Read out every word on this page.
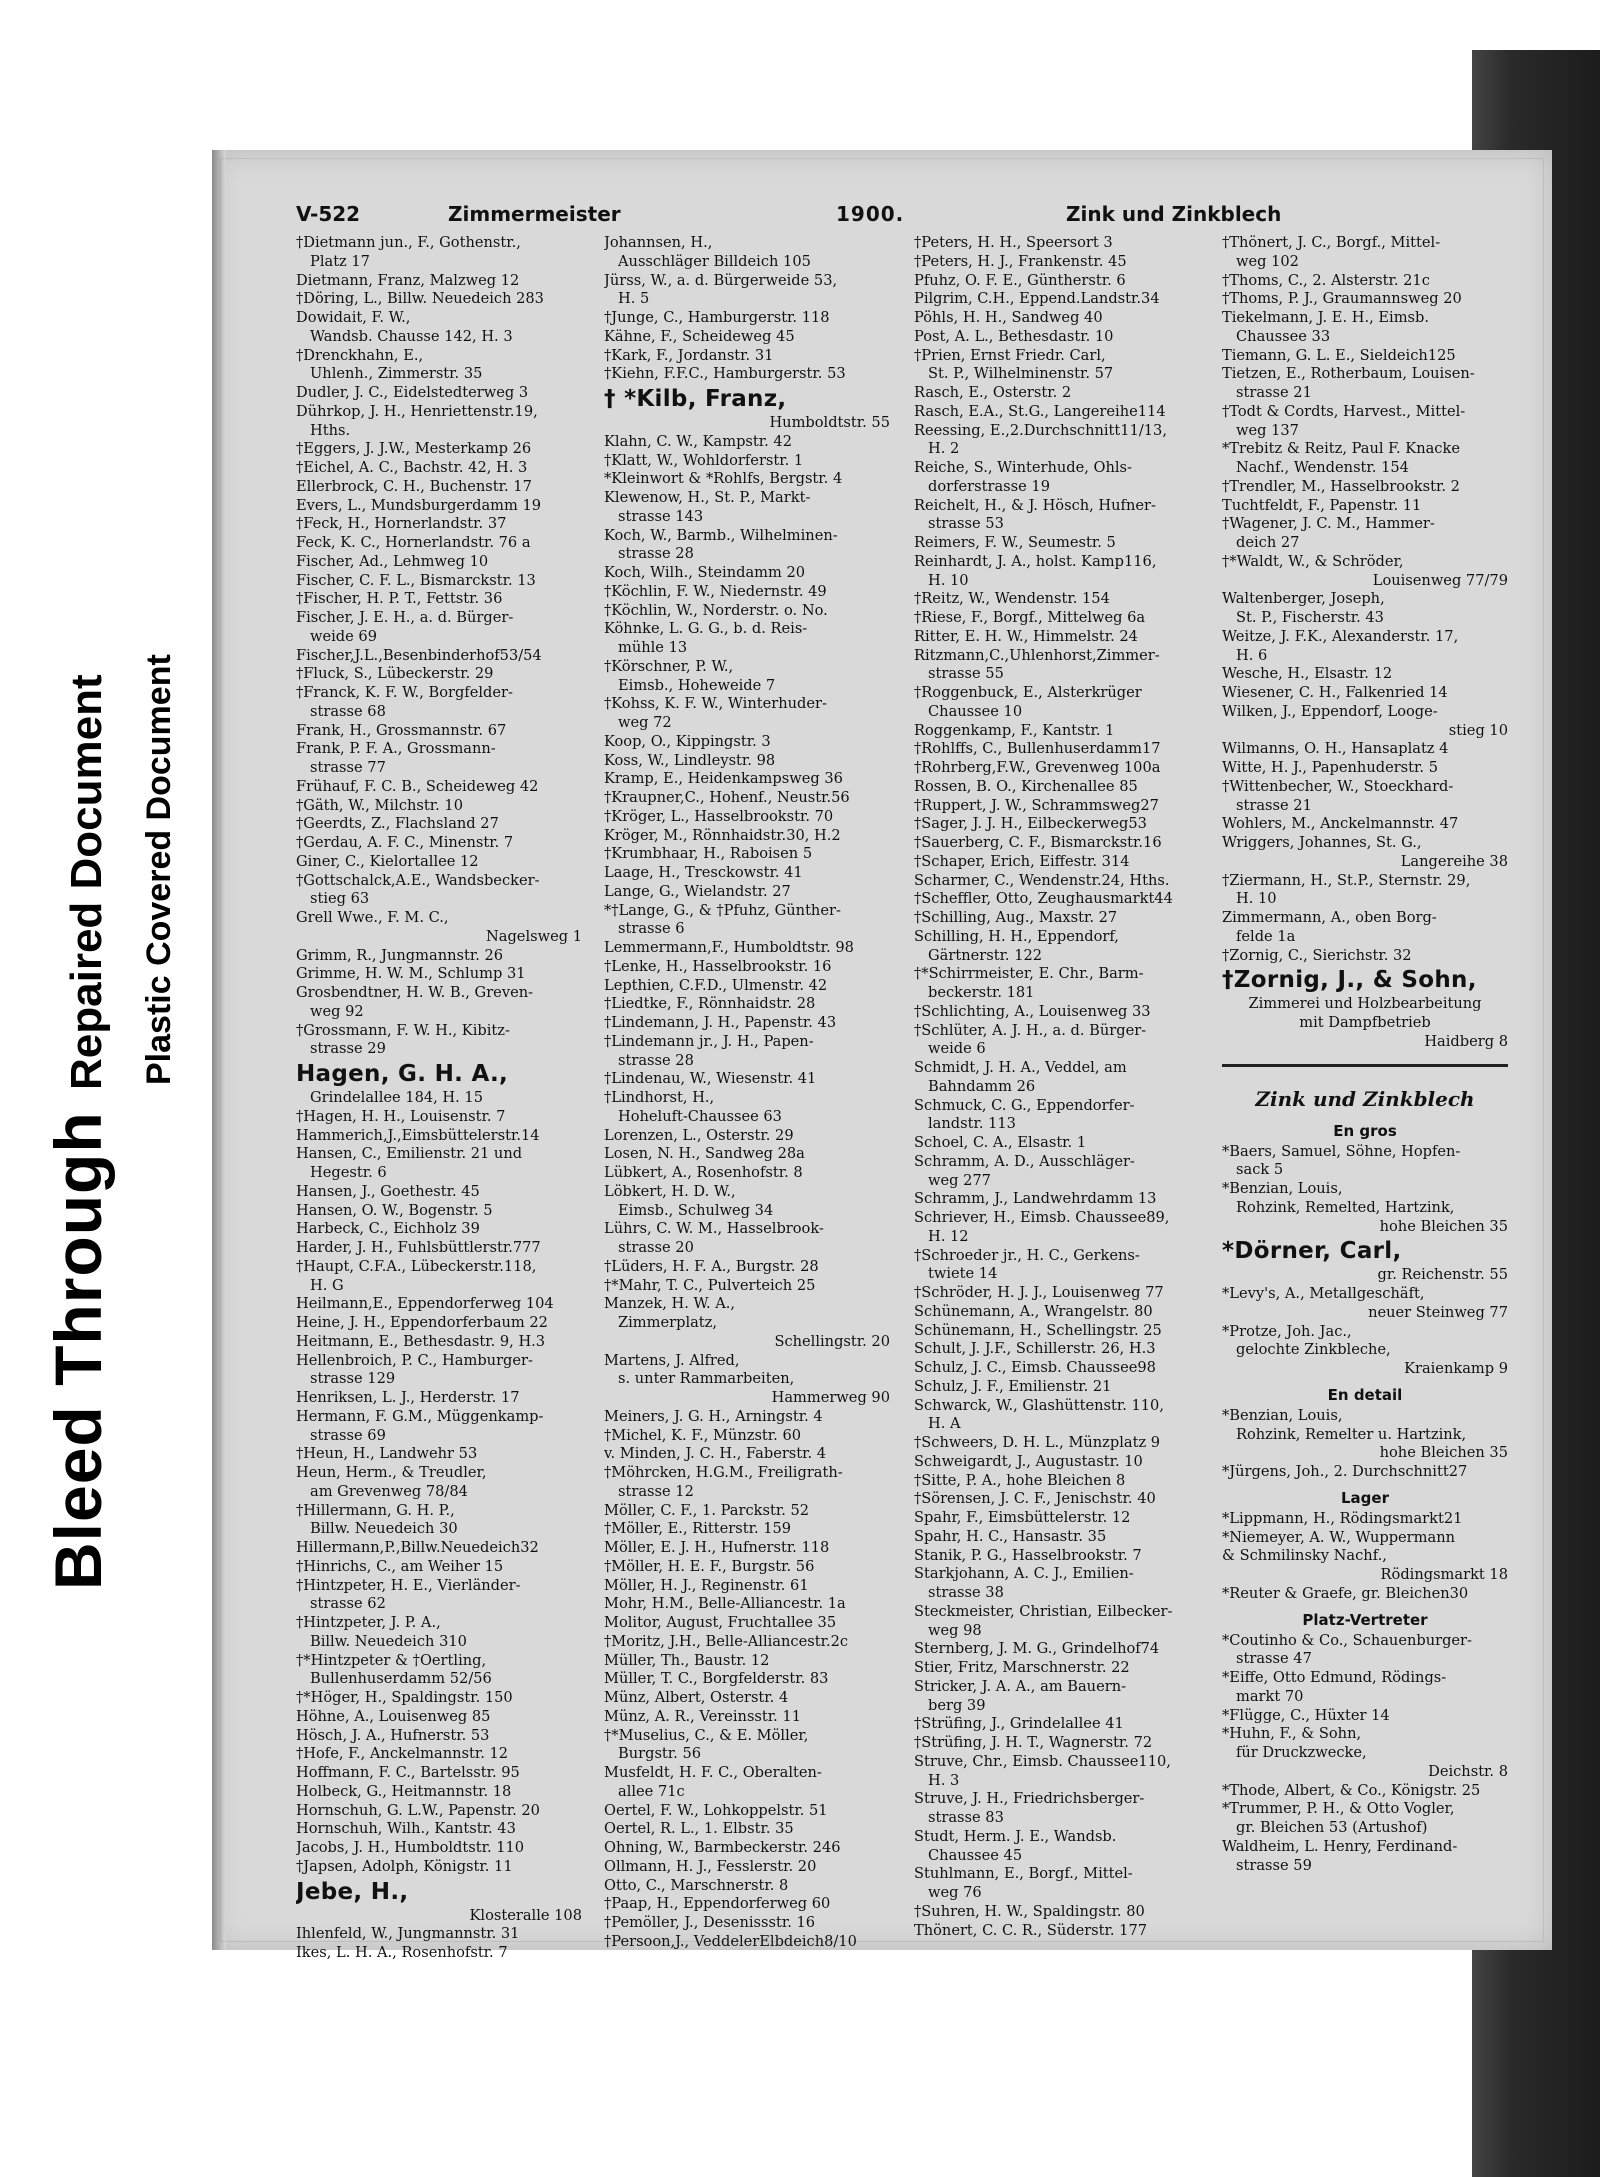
Bleed Through
Repaired Document Plastic Covered Document
V-522	Zimmermeister	1900.	Zink und Zinkblech
†Dietmann jun., F., Gothenstr.,
Platz 17
Dietmann, Franz, Malzweg 12
†Döring, L., Billw. Neuedeich 283
Dowidait, F. W.,
Wandsb. Chausse 142, H. 3
†Drenckhahn, E.,
Uhlenh., Zimmerstr. 35
Dudler, J. C., Eidelstedterweg 3
Dührkop, J. H., Henriettenstr.19,
Hths.
†Eggers, J. J.W., Mesterkamp 26
†Eichel, A. C., Bachstr. 42, H. 3
Ellerbrock, C. H., Buchenstr. 17
Evers, L., Mundsburgerdamm 19
†Feck, H., Hornerlandstr. 37
Feck, K. C., Hornerlandstr. 76 a
Fischer, Ad., Lehmweg 10
Fischer, C. F. L., Bismarckstr. 13
†Fischer, H. P. T., Fettstr. 36
Fischer, J. E. H., a. d. Bürger-
weide 69
Fischer,J.L.,Besenbinderhof53/54
†Fluck, S., Lübeckerstr. 29
†Franck, K. F. W., Borgfelder-
strasse 68
Frank, H., Grossmannstr. 67
Frank, P. F. A., Grossmann-
strasse 77
Frühauf, F. C. B., Scheideweg 42
†Gäth, W., Milchstr. 10
†Geerdts, Z., Flachsland 27
†Gerdau, A. F. C., Minenstr. 7
Giner, C., Kielortallee 12
†Gottschalck,A.E., Wandsbecker-
stieg 63
Grell Wwe., F. M. C.,
Nagelsweg 1
Grimm, R., Jungmannstr. 26
Grimme, H. W. M., Schlump 31
Grosbendtner, H. W. B., Greven-
weg 92
†Grossmann, F. W. H., Kibitz-
strasse 29
Hagen, G. H. A.,
Grindelallee 184, H. 15
†Hagen, H. H., Louisenstr. 7
Hammerich,J.,Eimsbüttelerstr.14
Hansen, C., Emilienstr. 21 und
Hegestr. 6
Hansen, J., Goethestr. 45
Hansen, O. W., Bogenstr. 5
Harbeck, C., Eichholz 39
Harder, J. H., Fuhlsbüttlerstr.777
†Haupt, C.F.A., Lübeckerstr.118,
H. G
Heilmann,E., Eppendorferweg 104
Heine, J. H., Eppendorferbaum 22
Heitmann, E., Bethesdastr. 9, H.3
Hellenbroich, P. C., Hamburger-
strasse 129
Henriksen, L. J., Herderstr. 17
Hermann, F. G.M., Müggenkamp-
strasse 69
†Heun, H., Landwehr 53
Heun, Herm., & Treudler,
am Grevenweg 78/84
†Hillermann, G. H. P.,
Billw. Neuedeich 30
Hillermann,P.,Billw.Neuedeich32
†Hinrichs, C., am Weiher 15
†Hintzpeter, H. E., Vierländer-
strasse 62
†Hintzpeter, J. P. A.,
Billw. Neuedeich 310
†*Hintzpeter & †Oertling,
Bullenhuserdamm 52/56
†*Höger, H., Spaldingstr. 150
Höhne, A., Louisenweg 85
Hösch, J. A., Hufnerstr. 53
†Hofe, F., Anckelmannstr. 12
Hoffmann, F. C., Bartelsstr. 95
Holbeck, G., Heitmannstr. 18
Hornschuh, G. L.W., Papenstr. 20
Hornschuh, Wilh., Kantstr. 43
Jacobs, J. H., Humboldtstr. 110
†Japsen, Adolph, Königstr. 11
Jebe, H.,
Klosteralle 108
Ihlenfeld, W., Jungmannstr. 31
Ikes, L. H. A., Rosenhofstr. 7
Johannsen, H.,
Ausschläger Billdeich 105
Jürss, W., a. d. Bürgerweide 53,
H. 5
†Junge, C., Hamburgerstr. 118
Kähne, F., Scheideweg 45
†Kark, F., Jordanstr. 31
†Kiehn, F.F.C., Hamburgerstr. 53
† *Kilb, Franz,
Humboldtstr. 55
Klahn, C. W., Kampstr. 42
†Klatt, W., Wohldorferstr. 1
*Kleinwort & *Rohlfs, Bergstr. 4
Klewenow, H., St. P., Markt-
strasse 143
Koch, W., Barmb., Wilhelminen-
strasse 28
Koch, Wilh., Steindamm 20
†Köchlin, F. W., Niedernstr. 49
†Köchlin, W., Norderstr. o. No.
Köhnke, L. G. G., b. d. Reis-
mühle 13
†Körschner, P. W.,
Eimsb., Hoheweide 7
†Kohss, K. F. W., Winterhuder-
weg 72
Koop, O., Kippingstr. 3
Koss, W., Lindleystr. 98
Kramp, E., Heidenkampsweg 36
†Kraupner,C., Hohenf., Neustr.56
†Kröger, L., Hasselbrookstr. 70
Kröger, M., Rönnhaidstr.30, H.2
†Krumbhaar, H., Raboisen 5
Laage, H., Tresckowstr. 41
Lange, G., Wielandstr. 27
*†Lange, G., & †Pfuhz, Günther-
strasse 6
Lemmermann,F., Humboldtstr. 98
†Lenke, H., Hasselbrookstr. 16
Lepthien, C.F.D., Ulmenstr. 42
†Liedtke, F., Rönnhaidstr. 28
†Lindemann, J. H., Papenstr. 43
†Lindemann jr., J. H., Papen-
strasse 28
†Lindenau, W., Wiesenstr. 41
†Lindhorst, H.,
Hoheluft-Chaussee 63
Lorenzen, L., Osterstr. 29
Losen, N. H., Sandweg 28a
Lübkert, A., Rosenhofstr. 8
Löbkert, H. D. W.,
Eimsb., Schulweg 34
Lührs, C. W. M., Hasselbrook-
strasse 20
†Lüders, H. F. A., Burgstr. 28
†*Mahr, T. C., Pulverteich 25
Manzek, H. W. A.,
Zimmerplatz,
Schellingstr. 20
Martens, J. Alfred,
s. unter Rammarbeiten,
Hammerweg 90
Meiners, J. G. H., Arningstr. 4
†Michel, K. F., Münzstr. 60
v. Minden, J. C. H., Faberstr. 4
†Möhrcken, H.G.M., Freiligrath-
strasse 12
Möller, C. F., 1. Parckstr. 52
†Möller, E., Ritterstr. 159
Möller, E. J. H., Hufnerstr. 118
†Möller, H. E. F., Burgstr. 56
Möller, H. J., Reginenstr. 61
Mohr, H.M., Belle-Alliancestr. 1a
Molitor, August, Fruchtallee 35
†Moritz, J.H., Belle-Alliancestr.2c
Müller, Th., Baustr. 12
Müller, T. C., Borgfelderstr. 83
Münz, Albert, Osterstr. 4
Münz, A. R., Vereinsstr. 11
†*Muselius, C., & E. Möller,
Burgstr. 56
Musfeldt, H. F. C., Oberalten-
allee 71c
Oertel, F. W., Lohkoppelstr. 51
Oertel, R. L., 1. Elbstr. 35
Ohning, W., Barmbeckerstr. 246
Ollmann, H. J., Fesslerstr. 20
Otto, C., Marschnerstr. 8
†Paap, H., Eppendorferweg 60
†Pemöller, J., Desenissstr. 16
†Persoon,J., VeddelerElbdeich8/10
†Peters, H. H., Speersort 3
†Peters, H. J., Frankenstr. 45
Pfuhz, O. F. E., Güntherstr. 6
Pilgrim, C.H., Eppend.Landstr.34
Pöhls, H. H., Sandweg 40
Post, A. L., Bethesdastr. 10
†Prien, Ernst Friedr. Carl,
St. P., Wilhelminenstr. 57
Rasch, E., Osterstr. 2
Rasch, E.A., St.G., Langereihe114
Reessing, E.,2.Durchschnitt11/13,
H. 2
Reiche, S., Winterhude, Ohls-
dorferstrasse 19
Reichelt, H., & J. Hösch, Hufner-
strasse 53
Reimers, F. W., Seumestr. 5
Reinhardt, J. A., holst. Kamp116,
H. 10
†Reitz, W., Wendenstr. 154
†Riese, F., Borgf., Mittelweg 6a
Ritter, E. H. W., Himmelstr. 24
Ritzmann,C.,Uhlenhorst,Zimmer-
strasse 55
†Roggenbuck, E., Alsterkrüger
Chaussee 10
Roggenkamp, F., Kantstr. 1
†Rohlffs, C., Bullenhuserdamm17
†Rohrberg,F.W., Grevenweg 100a
Rossen, B. O., Kirchenallee 85
†Ruppert, J. W., Schrammsweg27
†Sager, J. J. H., Eilbeckerweg53
†Sauerberg, C. F., Bismarckstr.16
†Schaper, Erich, Eiffestr. 314
Scharmer, C., Wendenstr.24, Hths.
†Scheffler, Otto, Zeughausmarkt44
†Schilling, Aug., Maxstr. 27
Schilling, H. H., Eppendorf,
Gärtnerstr. 122
†*Schirrmeister, E. Chr., Barm-
beckerstr. 181
†Schlichting, A., Louisenweg 33
†Schlüter, A. J. H., a. d. Bürger-
weide 6
Schmidt, J. H. A., Veddel, am
Bahndamm 26
Schmuck, C. G., Eppendorfer-
landstr. 113
Schoel, C. A., Elsastr. 1
Schramm, A. D., Ausschläger-
weg 277
Schramm, J., Landwehrdamm 13
Schriever, H., Eimsb. Chaussee89,
H. 12
†Schroeder jr., H. C., Gerkens-
twiete 14
†Schröder, H. J. J., Louisenweg 77
Schünemann, A., Wrangelstr. 80
Schünemann, H., Schellingstr. 25
Schult, J. J.F., Schillerstr. 26, H.3
Schulz, J. C., Eimsb. Chaussee98
Schulz, J. F., Emilienstr. 21
Schwarck, W., Glashüttenstr. 110,
H. A
†Schweers, D. H. L., Münzplatz 9
Schweigardt, J., Augustastr. 10
†Sitte, P. A., hohe Bleichen 8
†Sörensen, J. C. F., Jenischstr. 40
Spahr, F., Eimsbüttelerstr. 12
Spahr, H. C., Hansastr. 35
Stanik, P. G., Hasselbrookstr. 7
Starkjohann, A. C. J., Emilien-
strasse 38
Steckmeister, Christian, Eilbecker-
weg 98
Sternberg, J. M. G., Grindelhof74
Stier, Fritz, Marschnerstr. 22
Stricker, J. A. A., am Bauern-
berg 39
†Strüfing, J., Grindelallee 41
†Strüfing, J. H. T., Wagnerstr. 72
Struve, Chr., Eimsb. Chaussee110,
H. 3
Struve, J. H., Friedrichsberger-
strasse 83
Studt, Herm. J. E., Wandsb.
Chaussee 45
Stuhlmann, E., Borgf., Mittel-
weg 76
†Suhren, H. W., Spaldingstr. 80
Thönert, C. C. R., Süderstr. 177
†Thönert, J. C., Borgf., Mittel-
weg 102
†Thoms, C., 2. Alsterstr. 21c
†Thoms, P. J., Graumannsweg 20
Tiekelmann, J. E. H., Eimsb.
Chaussee 33
Tiemann, G. L. E., Sieldeich125
Tietzen, E., Rotherbaum, Louisen-
strasse 21
†Todt & Cordts, Harvest., Mittel-
weg 137
*Trebitz & Reitz, Paul F. Knacke
Nachf., Wendenstr. 154
†Trendler, M., Hasselbrookstr. 2
Tuchtfeldt, F., Papenstr. 11
†Wagener, J. C. M., Hammer-
deich 27
†*Waldt, W., & Schröder,
Louisenweg 77/79
Waltenberger, Joseph,
St. P., Fischerstr. 43
Weitze, J. F.K., Alexanderstr. 17,
H. 6
Wesche, H., Elsastr. 12
Wiesener, C. H., Falkenried 14
Wilken, J., Eppendorf, Looge-
stieg 10
Wilmanns, O. H., Hansaplatz 4
Witte, H. J., Papenhuderstr. 5
†Wittenbecher, W., Stoeckhard-
strasse 21
Wohlers, M., Anckelmannstr. 47
Wriggers, Johannes, St. G.,
Langereihe 38
†Ziermann, H., St.P., Sternstr. 29,
H. 10
Zimmermann, A., oben Borg-
felde 1a
†Zornig, C., Sierichstr. 32
†Zornig, J., & Sohn,
Zimmerei und Holzbearbeitung
mit Dampfbetrieb
Haidberg 8
Zink und Zinkblech
En gros
*Baers, Samuel, Söhne, Hopfen-
sack 5
*Benzian, Louis,
Rohzink, Remelted, Hartzink,
hohe Bleichen 35
*Dörner, Carl,
gr. Reichenstr. 55
*Levy's, A., Metallgeschäft,
neuer Steinweg 77
*Protze, Joh. Jac.,
gelochte Zinkbleche,
Kraienkamp 9
En detail
*Benzian, Louis,
Rohzink, Remelter u. Hartzink,
hohe Bleichen 35
*Jürgens, Joh., 2. Durchschnitt27
Lager
*Lippmann, H., Rödingsmarkt21
*Niemeyer, A. W., Wuppermann
& Schmilinsky Nachf.,
Rödingsmarkt 18
*Reuter & Graefe, gr. Bleichen30
Platz-Vertreter
*Coutinho & Co., Schauenburger-
strasse 47
*Eiffe, Otto Edmund, Rödings-
markt 70
*Flügge, C., Hüxter 14
*Huhn, F., & Sohn,
für Druckzwecke,
Deichstr. 8
*Thode, Albert, & Co., Königstr. 25
*Trummer, P. H., & Otto Vogler,
gr. Bleichen 53 (Artushof)
Waldheim, L. Henry, Ferdinand-
strasse 59
